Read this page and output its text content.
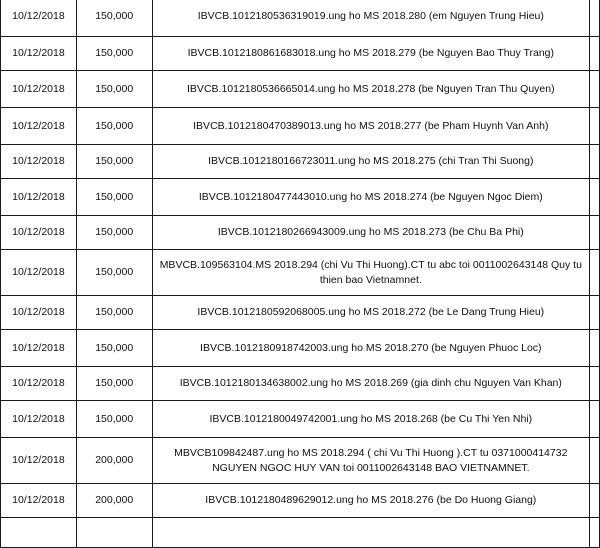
10/12/2018	150,000	IBVCB.1012180536319019.ung ho MS 2018.280 (em Nguyen Trung Hieu)	
10/12/2018	150,000	IBVCB.1012180861683018.ung ho MS 2018.279 (be Nguyen Bao Thuy Trang)	
10/12/2018	150,000	IBVCB.1012180536665014.ung ho MS 2018.278 (be Nguyen Tran Thu Quyen)	
10/12/2018	150,000	IBVCB.1012180470389013.ung ho MS 2018.277 (be Pham Huynh Van Anh)	
10/12/2018	150,000	IBVCB.1012180166723011.ung ho MS 2018.275 (chi Tran Thi Suong)	
10/12/2018	150,000	IBVCB.1012180477443010.ung ho MS 2018.274 (be Nguyen Ngoc Diem)	
10/12/2018	150,000	IBVCB.1012180266943009.ung ho MS 2018.273 (be Chu Ba Phi)	
10/12/2018	150,000	MBVCB.109563104.MS 2018.294 (chi Vu Thi Huong).CT tu abc toi 0011002643148 Quy tu thien bao Vietnamnet.	
10/12/2018	150,000	IBVCB.1012180592068005.ung ho MS 2018.272 (be Le Dang Trung Hieu)	
10/12/2018	150,000	IBVCB.1012180918742003.ung ho MS 2018.270 (be Nguyen Phuoc Loc)	
10/12/2018	150,000	IBVCB.1012180134638002.ung ho MS 2018.269 (gia dinh chu Nguyen Van Khan)	
10/12/2018	150,000	IBVCB.1012180049742001.ung ho MS 2018.268 (be Cu Thi Yen Nhi)	
10/12/2018	200,000	MBVCB109842487.ung ho MS 2018.294 ( chi Vu Thi Huong ).CT tu 0371000414732 NGUYEN NGOC HUY VAN toi 0011002643148 BAO VIETNAMNET.	
10/12/2018	200,000	IBVCB.1012180489629012.ung ho MS 2018.276 (be Do Huong Giang)	
